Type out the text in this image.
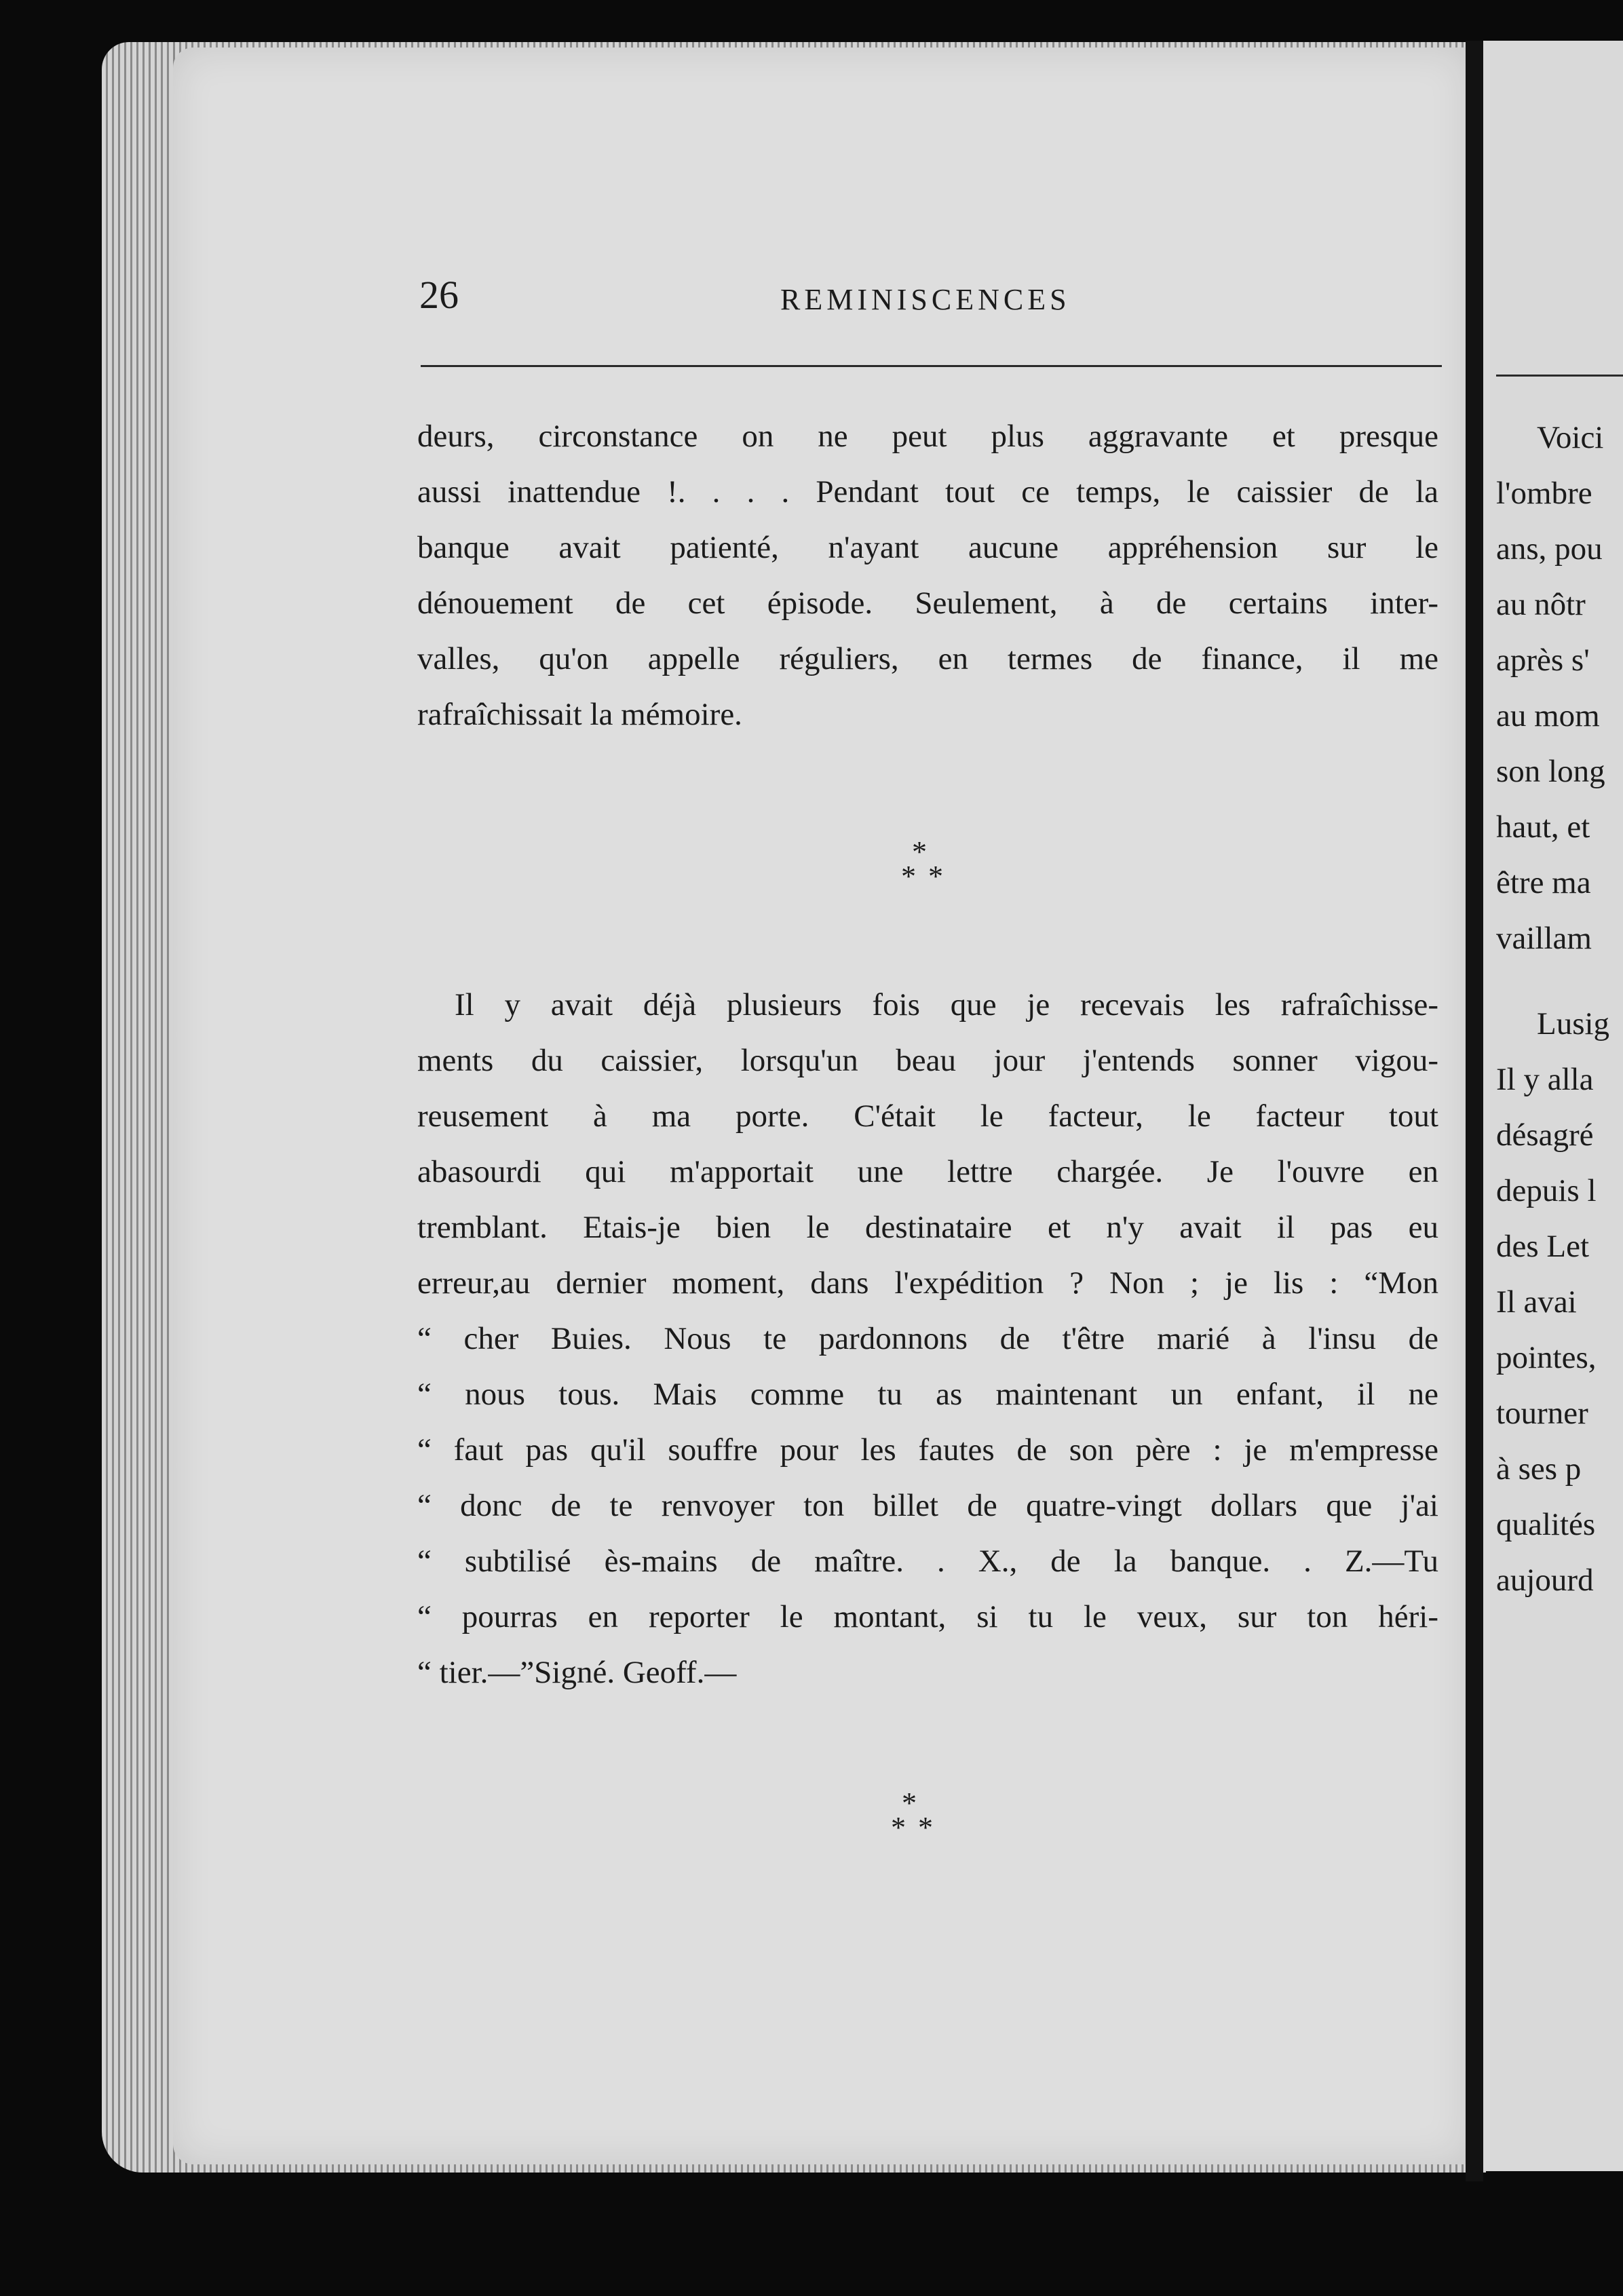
26	REMINISCENCES
deurs, circonstance on ne peut plus aggravante et presque
aussi inattendue !. . . . Pendant tout ce temps, le caissier de la
banque avait patienté, n'ayant aucune appréhension sur le
dénouement de cet épisode. Seulement, à de certains inter-
valles, qu'on appelle réguliers, en termes de finance, il me
rafraîchissait la mémoire.
*
**
Il y avait déjà plusieurs fois que je recevais les rafraîchisse-
ments du caissier, lorsqu'un beau jour j'entends sonner vigou-
reusement à ma porte. C'était le facteur, le facteur tout
abasourdi qui m'apportait une lettre chargée. Je l'ouvre en
tremblant. Etais-je bien le destinataire et n'y avait il pas eu
erreur,au dernier moment, dans l'expédition ? Non ; je lis : “Mon
“ cher Buies. Nous te pardonnons de t'être marié à l'insu de
“ nous tous. Mais comme tu as maintenant un enfant, il ne
“ faut pas qu'il souffre pour les fautes de son père : je m'empresse
“ donc de te renvoyer ton billet de quatre-vingt dollars que j'ai
“ subtilisé ès-mains de maître. . X., de la banque. . Z.—Tu
“ pourras en reporter le montant, si tu le veux, sur ton héri-
“ tier.—”Signé. Geoff.—
*
**
Voici
l'ombre
ans, pou
au nôtr
après s'
au mom
son long
haut, et
être ma
vaillam
Lusig
Il y alla
désagré
depuis l
des Let
Il avai
pointes,
tourner
à ses p
qualités
aujourd
